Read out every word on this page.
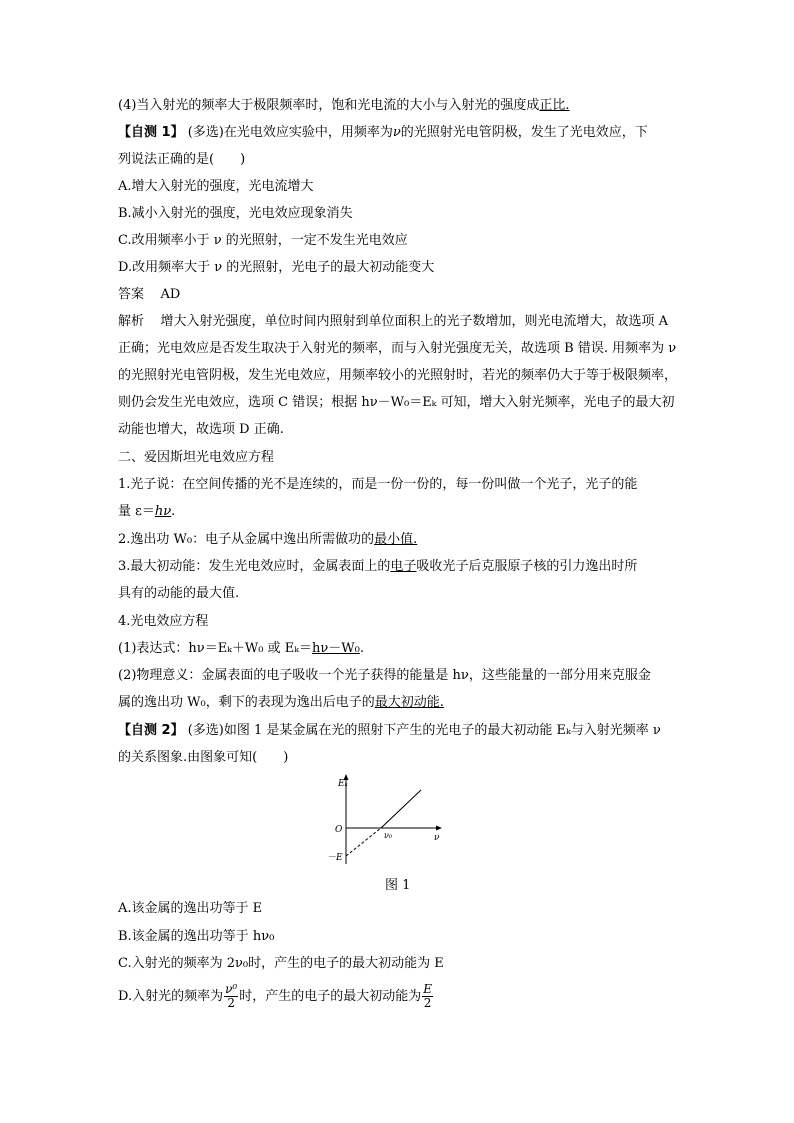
(4)当入射光的频率大于极限频率时，饱和光电流的大小与入射光的强度成正比.
【自测 1】 (多选)在光电效应实验中，用频率为ν的光照射光电管阴极，发生了光电效应，下
列说法正确的是(　　)
A.增大入射光的强度，光电流增大
B.减小入射光的强度，光电效应现象消失
C.改用频率小于 ν 的光照射，一定不发生光电效应
D.改用频率大于 ν 的光照射，光电子的最大初动能变大
答案 AD
解析 增大入射光强度，单位时间内照射到单位面积上的光子数增加，则光电流增大，故选项 A 正确；光电效应是否发生取决于入射光的频率，而与入射光强度无关，故选项 B 错误. 用频率为 ν 的光照射光电管阴极，发生光电效应，用频率较小的光照射时，若光的频率仍大于等于极限频率，则仍会发生光电效应，选项 C 错误；根据 hν－W₀＝Eₖ 可知，增大入射光频率，光电子的最大初动能也增大，故选项 D 正确.
二、爱因斯坦光电效应方程
1.光子说：在空间传播的光不是连续的，而是一份一份的，每一份叫做一个光子，光子的能
量 ε＝hν.
2.逸出功 W₀：电子从金属中逸出所需做功的最小值.
3.最大初动能：发生光电效应时，金属表面上的电子吸收光子后克服原子核的引力逸出时所
具有的动能的最大值.
4.光电效应方程
(1)表达式：hν＝Eₖ＋W₀ 或 Eₖ＝hν－W₀.
(2)物理意义：金属表面的电子吸收一个光子获得的能量是 hν，这些能量的一部分用来克服金
属的逸出功 W₀，剩下的表现为逸出后电子的最大初动能.
【自测 2】 (多选)如图 1 是某金属在光的照射下产生的光电子的最大初动能 Eₖ与入射光频率 ν
的关系图象.由图象可知(　　)
A.该金属的逸出功等于 E
B.该金属的逸出功等于 hν₀
C.入射光的频率为 2ν₀时，产生的电子的最大初动能为 E
D.入射光的频率为 $\frac{\text{ν⁰}}{2}$ 时，产生的电子的最大初动能为 $\frac{E}{2}$
Eₖ
O
ν
ν₀
－E
图 1
